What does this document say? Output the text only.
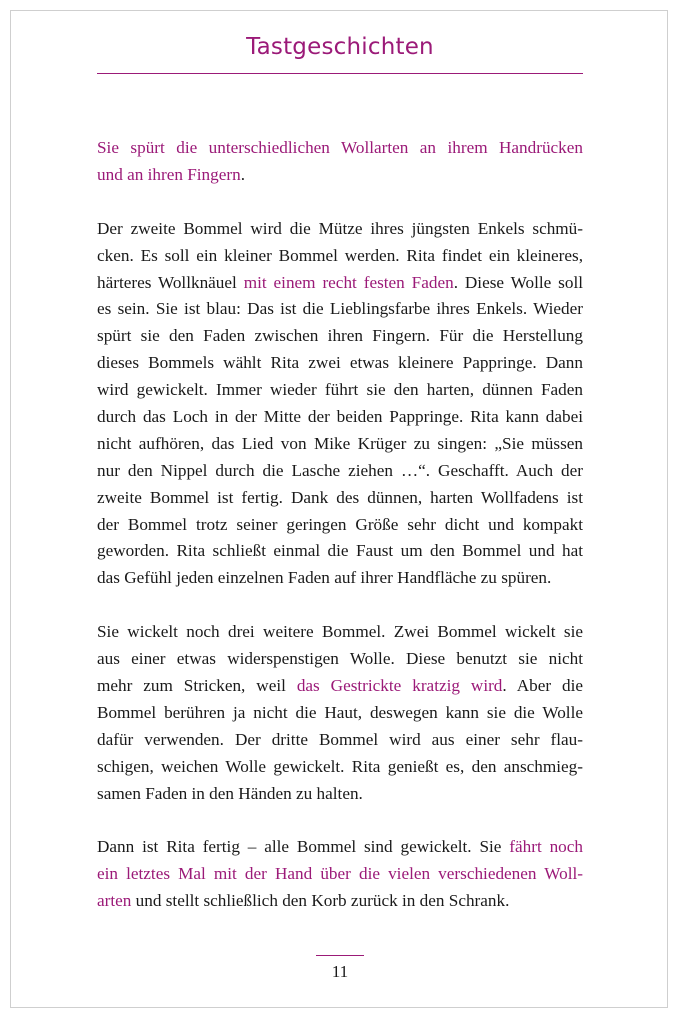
Tastgeschichten

Sie spürt die unterschiedlichen Wollarten an ihrem Handrücken
und an ihren Fingern.

Der zweite Bommel wird die Mütze ihres jüngsten Enkels schmü-
cken. Es soll ein kleiner Bommel werden. Rita findet ein kleineres,
härteres Wollknäuel mit einem recht festen Faden. Diese Wolle soll
es sein. Sie ist blau: Das ist die Lieblingsfarbe ihres Enkels. Wieder
spürt sie den Faden zwischen ihren Fingern. Für die Herstellung
dieses Bommels wählt Rita zwei etwas kleinere Pappringe. Dann
wird gewickelt. Immer wieder führt sie den harten, dünnen Faden
durch das Loch in der Mitte der beiden Pappringe. Rita kann dabei
nicht aufhören, das Lied von Mike Krüger zu singen: „Sie müssen
nur den Nippel durch die Lasche ziehen …“. Geschafft. Auch der
zweite Bommel ist fertig. Dank des dünnen, harten Wollfadens ist
der Bommel trotz seiner geringen Größe sehr dicht und kompakt
geworden. Rita schließt einmal die Faust um den Bommel und hat
das Gefühl jeden einzelnen Faden auf ihrer Handfläche zu spüren.

Sie wickelt noch drei weitere Bommel. Zwei Bommel wickelt sie
aus einer etwas widerspenstigen Wolle. Diese benutzt sie nicht
mehr zum Stricken, weil das Gestrickte kratzig wird. Aber die
Bommel berühren ja nicht die Haut, deswegen kann sie die Wolle
dafür verwenden. Der dritte Bommel wird aus einer sehr flau-
schigen, weichen Wolle gewickelt. Rita genießt es, den anschmieg-
samen Faden in den Händen zu halten.

Dann ist Rita fertig – alle Bommel sind gewickelt. Sie fährt noch
ein letztes Mal mit der Hand über die vielen verschiedenen Woll-
arten und stellt schließlich den Korb zurück in den Schrank.

11
